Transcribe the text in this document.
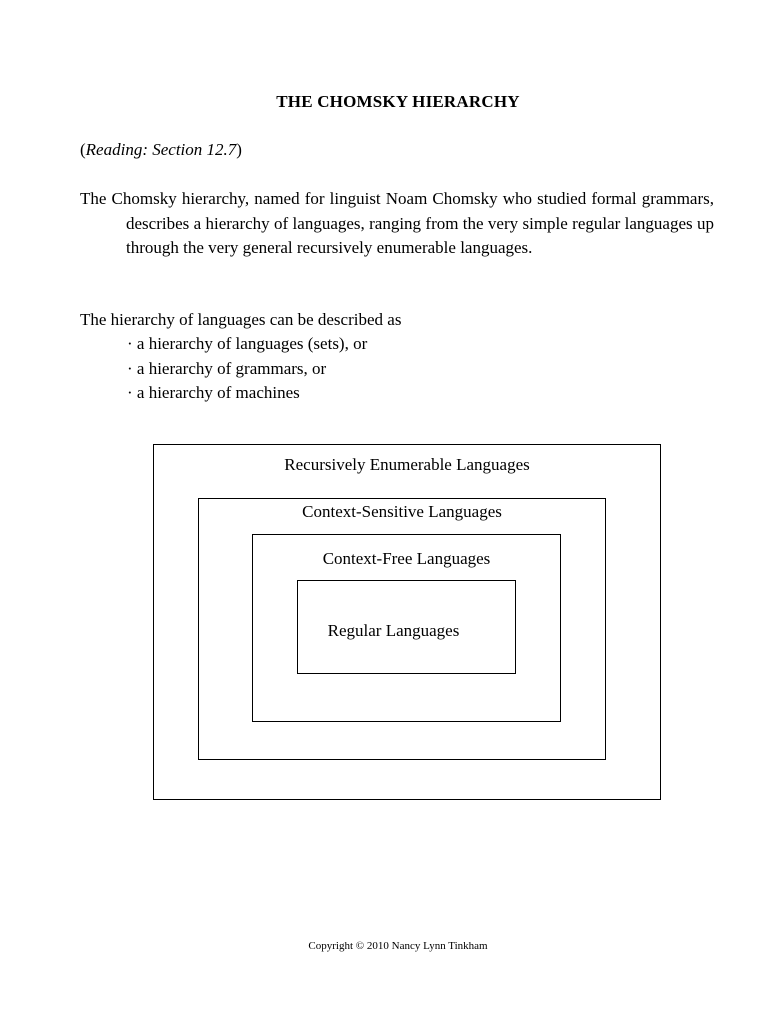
THE CHOMSKY HIERARCHY
(Reading: Section 12.7)
The Chomsky hierarchy, named for linguist Noam Chomsky who studied formal grammars, describes a hierarchy of languages, ranging from the very simple regular languages up through the very general recursively enumerable languages.
The hierarchy of languages can be described as
· a hierarchy of languages (sets), or
· a hierarchy of grammars, or
· a hierarchy of machines
Recursively Enumerable Languages
Context-Sensitive Languages
Context-Free Languages
Regular Languages
Copyright © 2010 Nancy Lynn Tinkham
